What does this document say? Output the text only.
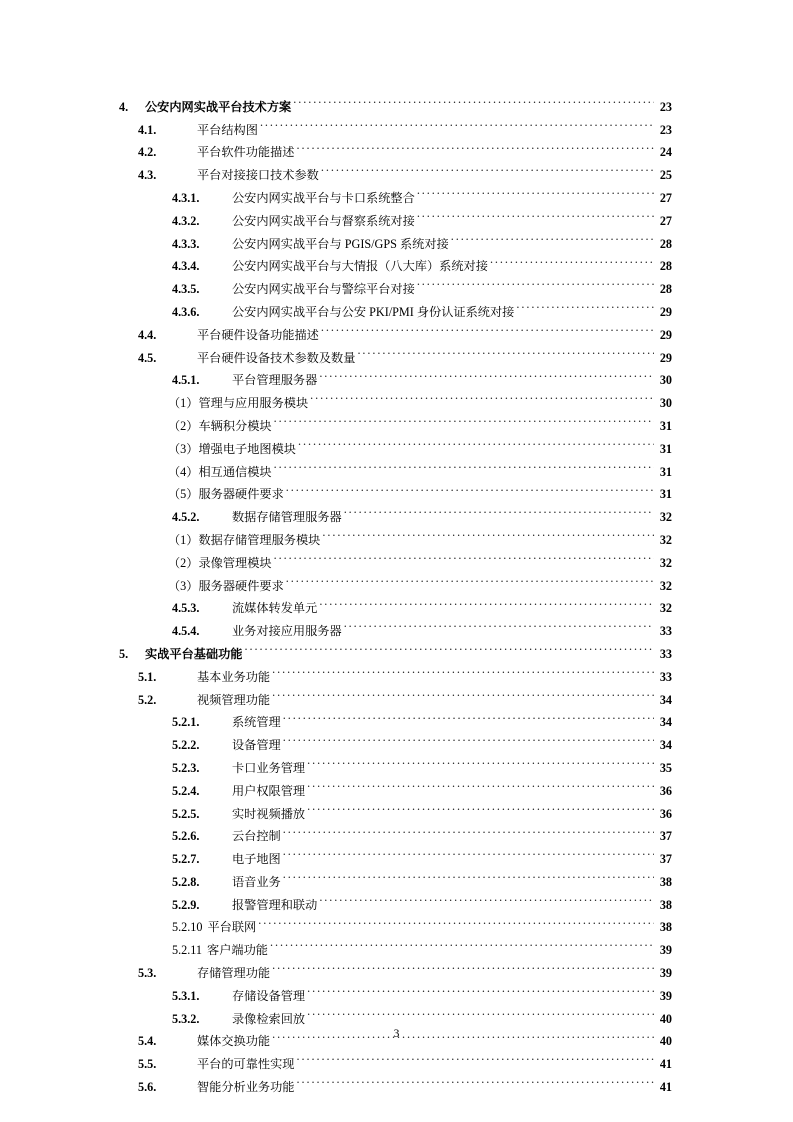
4.	公安内网实战平台技术方案 . . .	23
4.1.	平台结构图 . . .	23
4.2.	平台软件功能描述 . . .	24
4.3.	平台对接接口技术参数 . . .	25
4.3.1.	公安内网实战平台与卡口系统整合 . . .	27
4.3.2.	公安内网实战平台与督察系统对接 . . .	27
4.3.3.	公安内网实战平台与 PGIS/GPS 系统对接 . . .	28
4.3.4.	公安内网实战平台与大情报（八大库）系统对接 . . .	28
4.3.5.	公安内网实战平台与警综平台对接 . . .	28
4.3.6.	公安内网实战平台与公安 PKI/PMI 身份认证系统对接 . . .	29
4.4.	平台硬件设备功能描述 . . .	29
4.5.	平台硬件设备技术参数及数量 . . .	29
4.5.1.	平台管理服务器 . . .	30
（1）管理与应用服务模块 . . .	30
（2）车辆积分模块 . . .	31
（3）增强电子地图模块 . . .	31
（4）相互通信模块 . . .	31
（5）服务器硬件要求 . . .	31
4.5.2.	数据存储管理服务器 . . .	32
（1）数据存储管理服务模块 . . .	32
（2）录像管理模块 . . .	32
（3）服务器硬件要求 . . .	32
4.5.3.	流媒体转发单元 . . .	32
4.5.4.	业务对接应用服务器 . . .	33
5.	实战平台基础功能 . . .	33
5.1.	基本业务功能 . . .	33
5.2.	视频管理功能 . . .	34
5.2.1.	系统管理 . . .	34
5.2.2.	设备管理 . . .	34
5.2.3.	卡口业务管理 . . .	35
5.2.4.	用户权限管理 . . .	36
5.2.5.	实时视频播放 . . .	36
5.2.6.	云台控制 . . .	37
5.2.7.	电子地图 . . .	37
5.2.8.	语音业务 . . .	38
5.2.9.	报警管理和联动 . . .	38
5.2.10 平台联网 . . .	38
5.2.11 客户端功能 . . .	39
5.3.	存储管理功能 . . .	39
5.3.1.	存储设备管理 . . .	39
5.3.2.	录像检索回放 . . .	40
5.4.	媒体交换功能 . . .	40
5.5.	平台的可靠性实现 . . .	41
5.6.	智能分析业务功能 . . .	41
3
